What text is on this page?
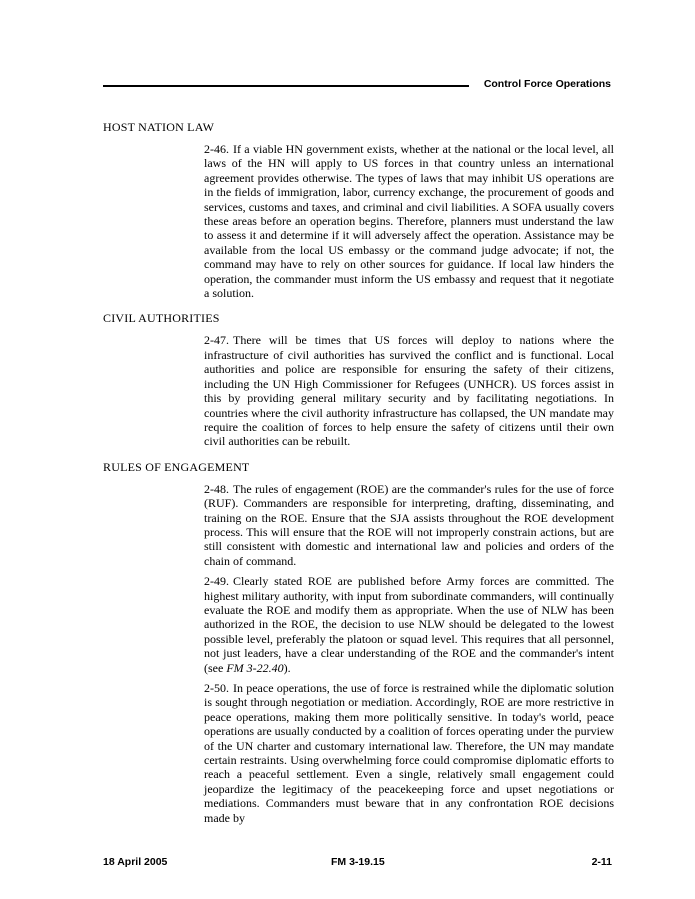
Control Force Operations
HOST NATION LAW

2-46. If a viable HN government exists, whether at the national or the local level, all laws of the HN will apply to US forces in that country unless an international agreement provides otherwise. The types of laws that may inhibit US operations are in the fields of immigration, labor, currency exchange, the procurement of goods and services, customs and taxes, and criminal and civil liabilities. A SOFA usually covers these areas before an operation begins. Therefore, planners must understand the law to assess it and determine if it will adversely affect the operation. Assistance may be available from the local US embassy or the command judge advocate; if not, the command may have to rely on other sources for guidance. If local law hinders the operation, the commander must inform the US embassy and request that it negotiate a solution.

CIVIL AUTHORITIES

2-47. There will be times that US forces will deploy to nations where the infrastructure of civil authorities has survived the conflict and is functional. Local authorities and police are responsible for ensuring the safety of their citizens, including the UN High Commissioner for Refugees (UNHCR). US forces assist in this by providing general military security and by facilitating negotiations. In countries where the civil authority infrastructure has collapsed, the UN mandate may require the coalition of forces to help ensure the safety of citizens until their own civil authorities can be rebuilt.

RULES OF ENGAGEMENT

2-48. The rules of engagement (ROE) are the commander's rules for the use of force (RUF). Commanders are responsible for interpreting, drafting, disseminating, and training on the ROE. Ensure that the SJA assists throughout the ROE development process. This will ensure that the ROE will not improperly constrain actions, but are still consistent with domestic and international law and policies and orders of the chain of command.

2-49. Clearly stated ROE are published before Army forces are committed. The highest military authority, with input from subordinate commanders, will continually evaluate the ROE and modify them as appropriate. When the use of NLW has been authorized in the ROE, the decision to use NLW should be delegated to the lowest possible level, preferably the platoon or squad level. This requires that all personnel, not just leaders, have a clear understanding of the ROE and the commander's intent (see FM 3-22.40).

2-50. In peace operations, the use of force is restrained while the diplomatic solution is sought through negotiation or mediation. Accordingly, ROE are more restrictive in peace operations, making them more politically sensitive. In today's world, peace operations are usually conducted by a coalition of forces operating under the purview of the UN charter and customary international law. Therefore, the UN may mandate certain restraints. Using overwhelming force could compromise diplomatic efforts to reach a peaceful settlement. Even a single, relatively small engagement could jeopardize the legitimacy of the peacekeeping force and upset negotiations or mediations. Commanders must beware that in any confrontation ROE decisions made by

18 April 2005	FM 3-19.15	2-11
